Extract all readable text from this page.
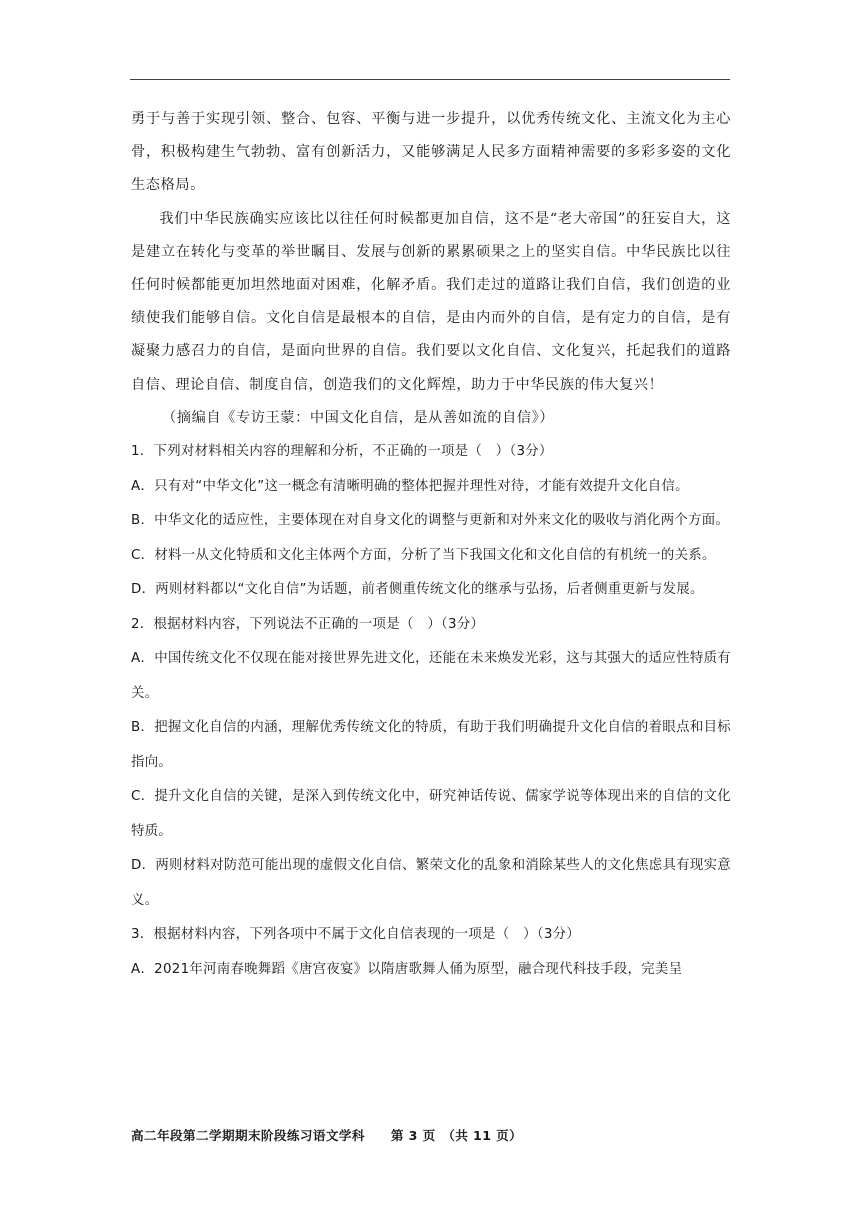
勇于与善于实现引领、整合、包容、平衡与进一步提升，以优秀传统文化、主流文化为主心骨，积极构建生气勃勃、富有创新活力，又能够满足人民多方面精神需要的多彩多姿的文化生态格局。

我们中华民族确实应该比以往任何时候都更加自信，这不是“老大帝国”的狂妄自大，这是建立在转化与变革的举世瞩目、发展与创新的累累硕果之上的坚实自信。中华民族比以往任何时候都能更加坦然地面对困难，化解矛盾。我们走过的道路让我们自信，我们创造的业绩使我们能够自信。文化自信是最根本的自信，是由内而外的自信，是有定力的自信，是有凝聚力感召力的自信，是面向世界的自信。我们要以文化自信、文化复兴，托起我们的道路自信、理论自信、制度自信，创造我们的文化辉煌，助力于中华民族的伟大复兴！

（摘编自《专访王蒙：中国文化自信，是从善如流的自信》）

1．下列对材料相关内容的理解和分析，不正确的一项是（　）（3分）

A．只有对“中华文化”这一概念有清晰明确的整体把握并理性对待，才能有效提升文化自信。

B．中华文化的适应性，主要体现在对自身文化的调整与更新和对外来文化的吸收与消化两个方面。

C．材料一从文化特质和文化主体两个方面，分析了当下我国文化和文化自信的有机统一的关系。

D．两则材料都以“文化自信”为话题，前者侧重传统文化的继承与弘扬，后者侧重更新与发展。

2．根据材料内容，下列说法不正确的一项是（　）（3分）

A．中国传统文化不仅现在能对接世界先进文化，还能在未来焕发光彩，这与其强大的适应性特质有关。

B．把握文化自信的内涵，理解优秀传统文化的特质，有助于我们明确提升文化自信的着眼点和目标指向。

C．提升文化自信的关键，是深入到传统文化中，研究神话传说、儒家学说等体现出来的自信的文化特质。

D．两则材料对防范可能出现的虚假文化自信、繁荣文化的乱象和消除某些人的文化焦虑具有现实意义。

3．根据材料内容，下列各项中不属于文化自信表现的一项是（　）（3分）

A．2021年河南春晚舞蹈《唐宫夜宴》以隋唐歌舞人俑为原型，融合现代科技手段，完美呈

高二年段第二学期期末阶段练习语文学科　　第 3 页　（共 11 页）
